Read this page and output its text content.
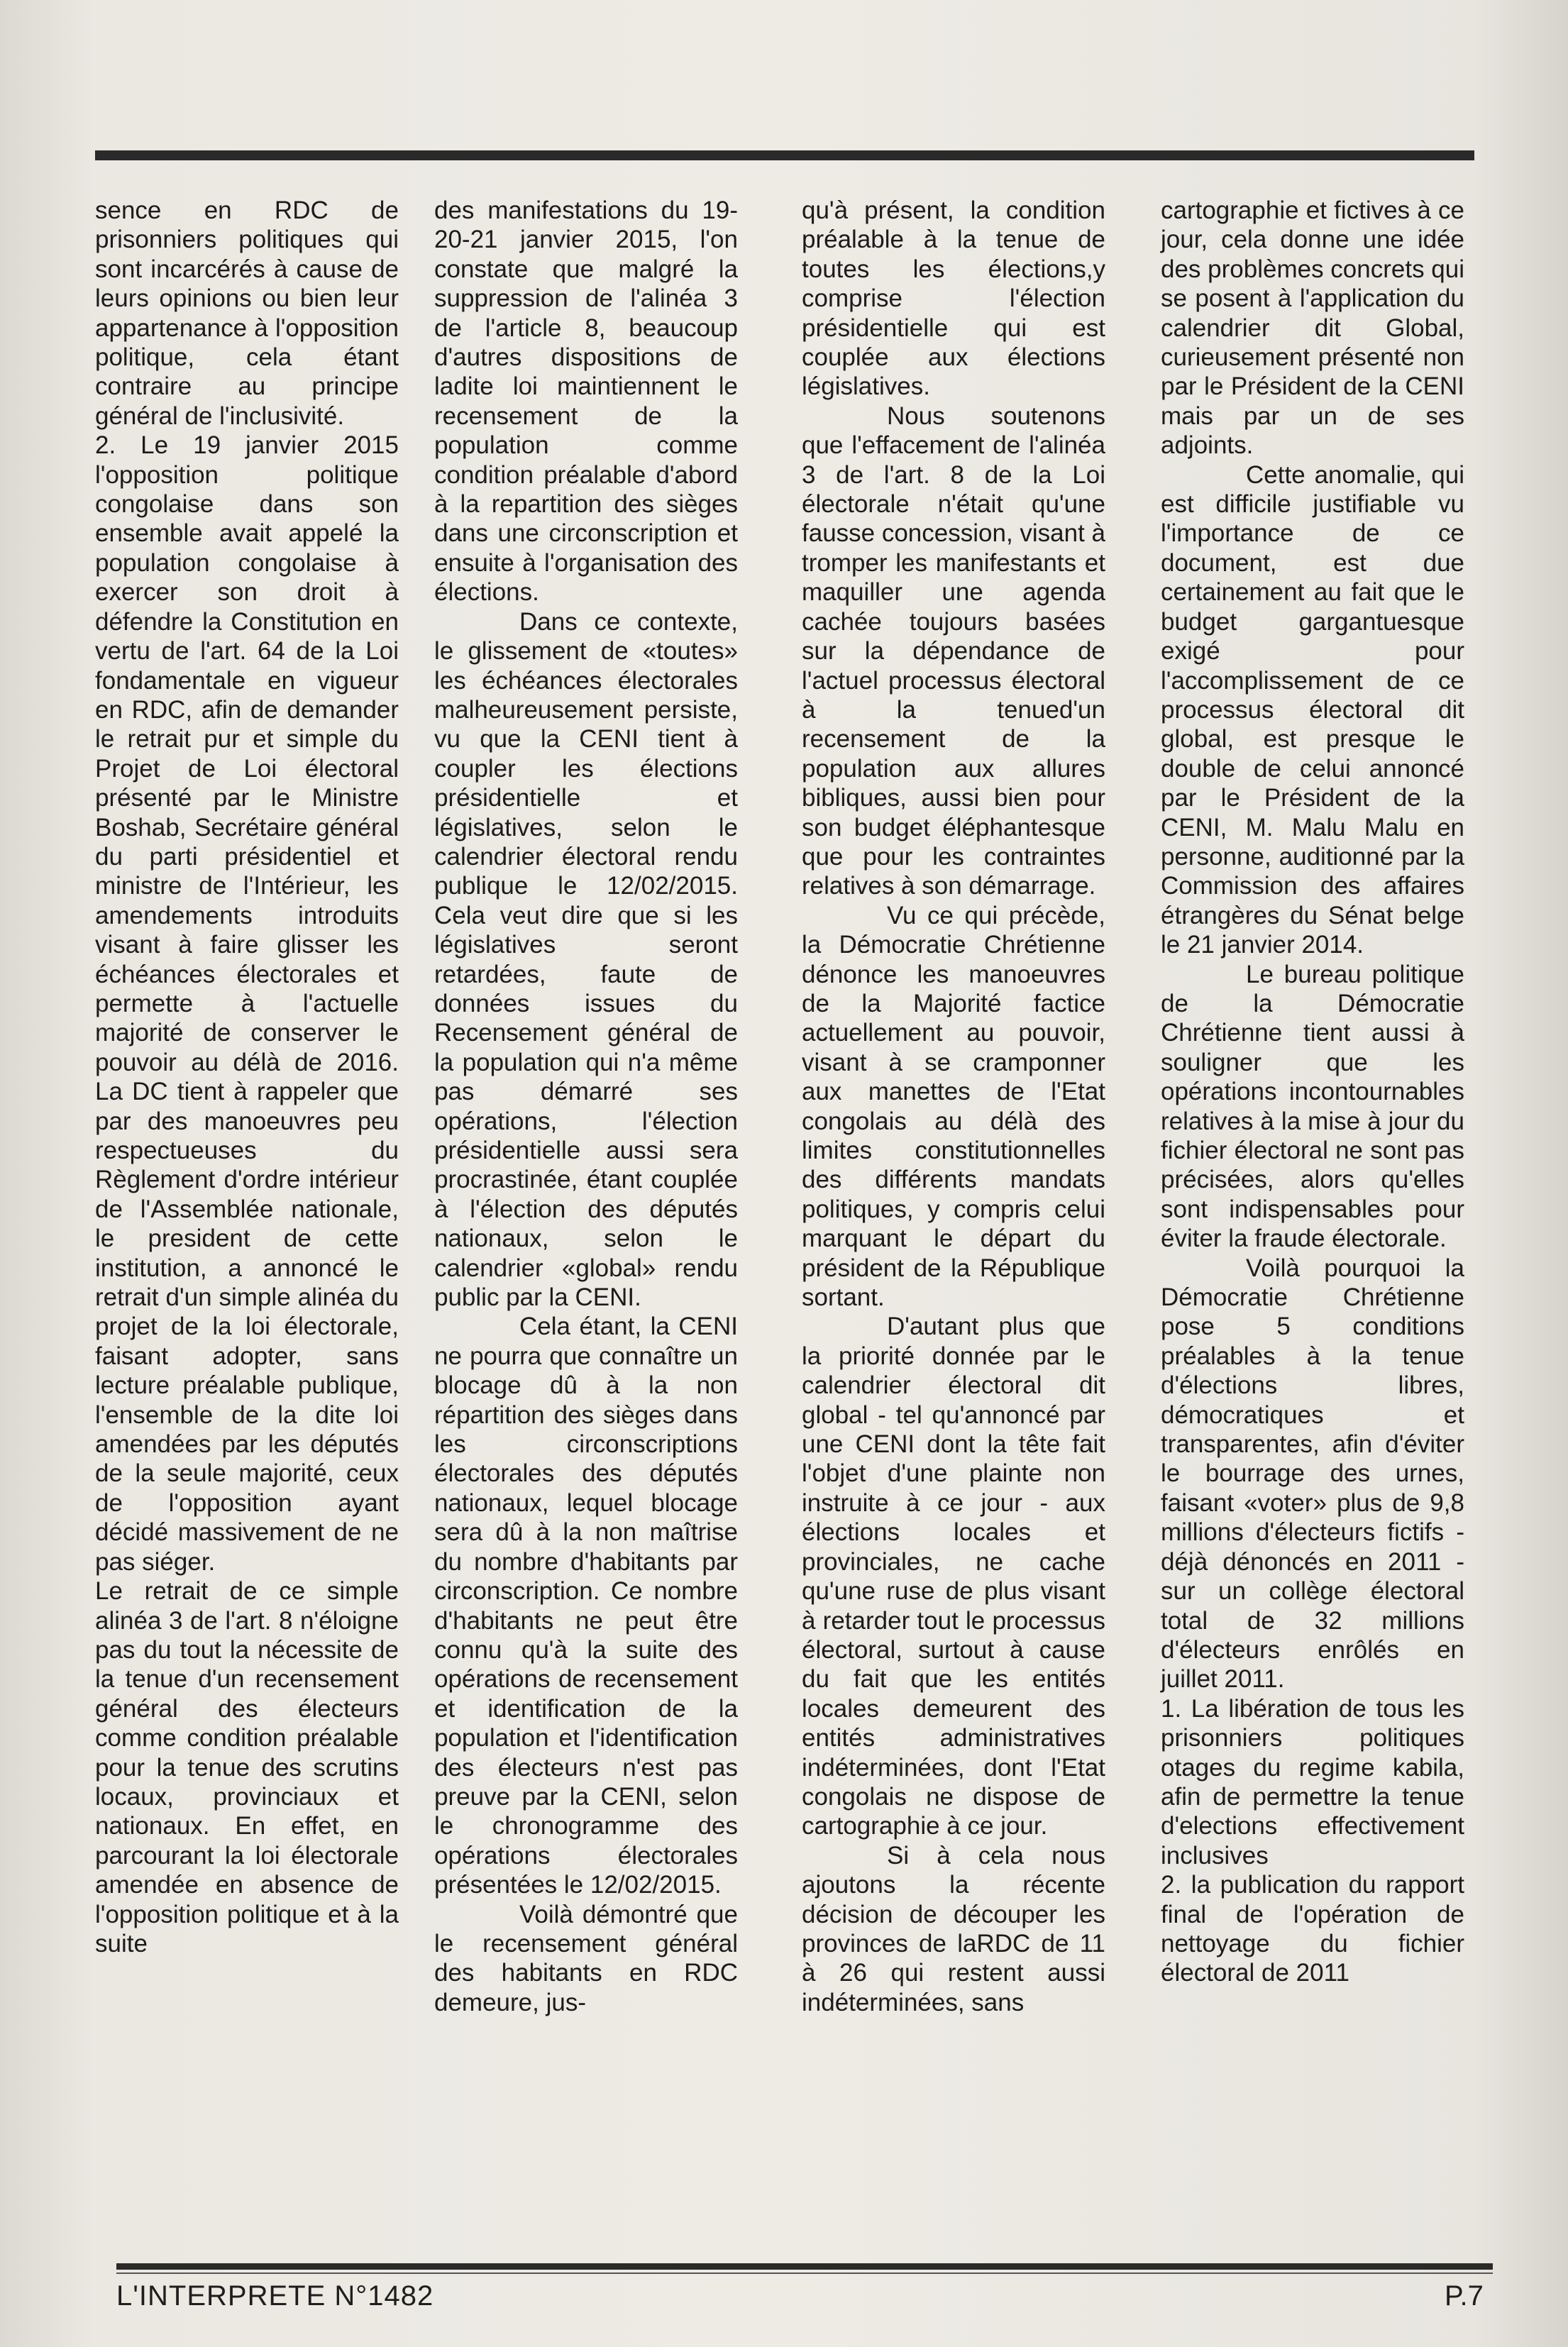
sence en RDC de prisonniers politiques qui sont incarcérés à cause de leurs opinions ou bien leur appartenance à l'opposition politique, cela étant contraire au principe général de l'inclusivité.

2. Le 19 janvier 2015 l'opposition politique congolaise dans son ensemble avait appelé la population congolaise à exercer son droit à défendre la Constitution en vertu de l'art. 64 de la Loi fondamentale en vigueur en RDC, afin de demander le retrait pur et simple du Projet de Loi électoral présenté par le Ministre Boshab, Secrétaire général du parti présidentiel et ministre de l'Intérieur, les amendements introduits visant à faire glisser les échéances électorales et permette à l'actuelle majorité de conserver le pouvoir au délà de 2016. La DC tient à rappeler que par des manoeuvres peu respectueuses du Règlement d'ordre intérieur de l'Assemblée nationale, le president de cette institution, a annoncé le retrait d'un simple alinéa du projet de la loi électorale, faisant adopter, sans lecture préalable publique, l'ensemble de la dite loi amendées par les députés de la seule majorité, ceux de l'opposition ayant décidé massivement de ne pas siéger.

Le retrait de ce simple alinéa 3 de l'art. 8 n'éloigne pas du tout la nécessite de la tenue d'un recensement général des électeurs comme condition préalable pour la tenue des scrutins locaux, provinciaux et nationaux. En effet, en parcourant la loi électorale amendée en absence de l'opposition politique et à la suite

des manifestations du 19-20-21 janvier 2015, l'on constate que malgré la suppression de l'alinéa 3 de l'article 8, beaucoup d'autres dispositions de ladite loi maintiennent le recensement de la population comme condition préalable d'abord à la repartition des sièges dans une circonscription et ensuite à l'organisation des élections.

Dans ce contexte, le glissement de «toutes» les échéances électorales malheureusement persiste, vu que la CENI tient à coupler les élections présidentielle et législatives, selon le calendrier électoral rendu publique le 12/02/2015. Cela veut dire que si les législatives seront retardées, faute de données issues du Recensement général de la population qui n'a même pas démarré ses opérations, l'élection présidentielle aussi sera procrastinée, étant couplée à l'élection des députés nationaux, selon le calendrier «global» rendu public par la CENI.

Cela étant, la CENI ne pourra que connaître un blocage dû à la non répartition des sièges dans les circonscriptions électorales des députés nationaux, lequel blocage sera dû à la non maîtrise du nombre d'habitants par circonscription. Ce nombre d'habitants ne peut être connu qu'à la suite des opérations de recensement et identification de la population et l'identification des électeurs n'est pas preuve par la CENI, selon le chronogramme des opérations électorales présentées le 12/02/2015.

Voilà démontré que le recensement général des habitants en RDC demeure, jus-

qu'à présent, la condition préalable à la tenue de toutes les élections,y comprise l'élection présidentielle qui est couplée aux élections législatives.

Nous soutenons que l'effacement de l'alinéa 3 de l'art. 8 de la Loi électorale n'était qu'une fausse concession, visant à tromper les manifestants et maquiller une agenda cachée toujours basées sur la dépendance de l'actuel processus électoral à la tenued'un recensement de la population aux allures bibliques, aussi bien pour son budget éléphantesque que pour les contraintes relatives à son démarrage.

Vu ce qui précède, la Démocratie Chrétienne dénonce les manoeuvres de la Majorité factice actuellement au pouvoir, visant à se cramponner aux manettes de l'Etat congolais au délà des limites constitutionnelles des différents mandats politiques, y compris celui marquant le départ du président de la République sortant.

D'autant plus que la priorité donnée par le calendrier électoral dit global - tel qu'annoncé par une CENI dont la tête fait l'objet d'une plainte non instruite à ce jour - aux élections locales et provinciales, ne cache qu'une ruse de plus visant à retarder tout le processus électoral, surtout à cause du fait que les entités locales demeurent des entités administratives indéterminées, dont l'Etat congolais ne dispose de cartographie à ce jour.

Si à cela nous ajoutons la récente décision de découper les provinces de laRDC de 11 à 26 qui restent aussi indéterminées, sans

cartographie et fictives à ce jour, cela donne une idée des problèmes concrets qui se posent à l'application du calendrier dit Global, curieusement présenté non par le Président de la CENI mais par un de ses adjoints.

Cette anomalie, qui est difficile justifiable vu l'importance de ce document, est due certainement au fait que le budget gargantuesque exigé pour l'accomplissement de ce processus électoral dit global, est presque le double de celui annoncé par le Président de la CENI, M. Malu Malu en personne, auditionné par la Commission des affaires étrangères du Sénat belge le 21 janvier 2014.

Le bureau politique de la Démocratie Chrétienne tient aussi à souligner que les opérations incontournables relatives à la mise à jour du fichier électoral ne sont pas précisées, alors qu'elles sont indispensables pour éviter la fraude électorale.

Voilà pourquoi la Démocratie Chrétienne pose 5 conditions préalables à la tenue d'élections libres, démocratiques et transparentes, afin d'éviter le bourrage des urnes, faisant «voter» plus de 9,8 millions d'électeurs fictifs - déjà dénoncés en 2011 - sur un collège électoral total de 32 millions d'électeurs enrôlés en juillet 2011.

1. La libération de tous les prisonniers politiques otages du regime kabila, afin de permettre la tenue d'elections effectivement inclusives

2. la publication du rapport final de l'opération de nettoyage du fichier électoral de 2011

L'INTERPRETE N°1482	P.7
